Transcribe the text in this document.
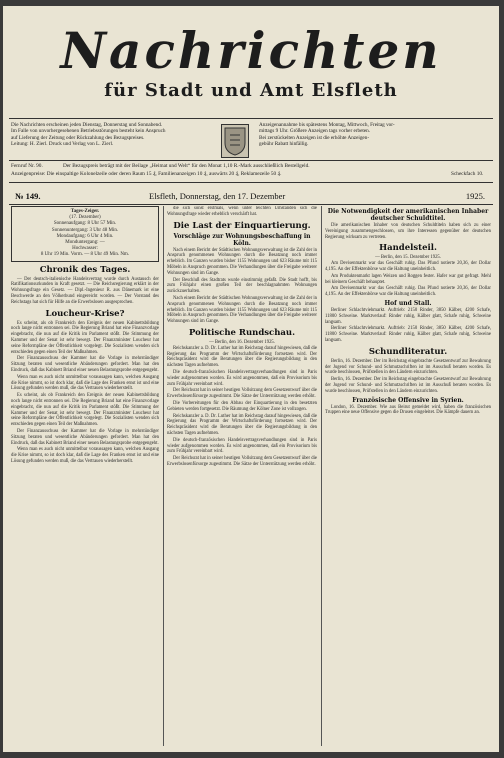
Nachrichten
für Stadt und Amt Elsfleth
Die Nachrichten erscheinen jeden Dienstag, Donnerstag und Sonnabend.
Im Falle von unvorhergesehenen Betriebsstörungen besteht kein Anspruch
auf Lieferung der Zeitung oder Rückzahlung des Bezugspreises.
Leitung: H. Zierl. Druck und Verlag von L. Zierl.
Anzeigenannahme bis spätestens Montag, Mittwoch, Freitag vor-
mittags 9 Uhr. Größere Anzeigen tags vorher erbeten.
Bei zerstückelten Anzeigen ist die erhöhte Anzeigen-
gebühr Rabatt hinfällig.
Fernruf Nr. 90.	Der Bezugspreis beträgt mit der Beilage „Heimat und Welt“ für den Monat 1,10 R.-Mark ausschließlich Bestellgeld.
Anzeigenpreise: Die einspaltige Kolonelzeile oder deren Raum 15 ₰, Familienanzeigen 10 ₰, auswärts 20 ₰, Reklamezeile 50 ₰.	Scheckfach 10.
№ 149.	Elsfleth, Donnerstag, den 17. Dezember	1925.
Tages-Zeiger.
(17. Dezember)
Sonnenaufgang: 8 Uhr 57 Min.
Sonnenuntergang: 3 Uhr 48 Min.
Mondaufgang: 6 Uhr 4 Min.
Monduntergang: —
Hochwasser:
8 Uhr 19 Min. Vorm. — 8 Uhr 49 Min. Nm.
Chronik des Tages.

— Der deutsch-italienische Handelsvertrag wurde durch Austausch der Ratifikationsurkunden in Kraft gesetzt. — Die Reichsregierung erklärt in der Wohnungsfrage ein Gesetz. — Dipl.-Ingenieur R. aus Dänemark ist eine Beschwerde an den Völkerbund eingereicht worden. — Der Vorstand des Reichstags hat sich für Hilfe an die Erwerbslosen ausgesprochen.

Loucheur-Krise?

Es scheint, als ob Frankreich den Ereignis der neuen Kabinettsbildung noch lange nicht entronnen sei. Die Regierung Briand hat eine Finanzvorlage eingebracht, die nun auf die Kritik im Parlament stößt. Die Stimmung der Kammer und der Senat ist sehr bewegt. Der Finanzminister Loucheur hat seine Reformpläne der Öffentlichkeit vorgelegt. Die Sozialisten wenden sich entschieden gegen einen Teil der Maßnahmen.

Der Finanzausschuss der Kammer hat die Vorlage in mehrstündiger Sitzung beraten und wesentliche Abänderungen gefordert. Man hat den Eindruck, daß das Kabinett Briand einer neuen Belastungsprobe entgegengeht.

Wenn man es auch nicht unmittelbar voraussagen kann, welchen Ausgang die Krise nimmt, so ist doch klar, daß die Lage des Franken ernst ist und eine Lösung gefunden werden muß, die das Vertrauen wiederherstellt.

Es scheint, als ob Frankreich den Ereignis der neuen Kabinettsbildung noch lange nicht entronnen sei. Die Regierung Briand hat eine Finanzvorlage eingebracht, die nun auf die Kritik im Parlament stößt. Die Stimmung der Kammer und der Senat ist sehr bewegt. Der Finanzminister Loucheur hat seine Reformpläne der Öffentlichkeit vorgelegt. Die Sozialisten wenden sich entschieden gegen einen Teil der Maßnahmen.

Der Finanzausschuss der Kammer hat die Vorlage in mehrstündiger Sitzung beraten und wesentliche Abänderungen gefordert. Man hat den Eindruck, daß das Kabinett Briand einer neuen Belastungsprobe entgegengeht.

Wenn man es auch nicht unmittelbar voraussagen kann, welchen Ausgang die Krise nimmt, so ist doch klar, daß die Lage des Franken ernst ist und eine Lösung gefunden werden muß, die das Vertrauen wiederherstellt.

die sich sonst erstmals, wenn unter leichten Umständen sich die Wohnungsfrage wieder erheblich verschärft hat.

Die Last der Einquartierung.
Vorschläge zur Wohnungsbeschaffung in Köln.

Nach einem Bericht der Städtischen Wohnungsverwaltung ist die Zahl der in Anspruch genommenen Wohnungen durch die Besatzung noch immer erheblich. Im Ganzen wurden bisher 1155 Wohnungen und 623 Räume mit 115 Möbeln in Anspruch genommen. Die Verhandlungen über die Freigabe weiterer Wohnungen sind im Gange.

Der Beschluß des Stadtrats wurde einstimmig gefaßt. Die Stadt hofft, bis zum Frühjahr einen großen Teil der beschlagnahmten Wohnungen zurückzuerhalten.

Nach einem Bericht der Städtischen Wohnungsverwaltung ist die Zahl der in Anspruch genommenen Wohnungen durch die Besatzung noch immer erheblich. Im Ganzen wurden bisher 1155 Wohnungen und 623 Räume mit 115 Möbeln in Anspruch genommen. Die Verhandlungen über die Freigabe weiterer Wohnungen sind im Gange.

Politische Rundschau.
— Berlin, den 16. Dezember 1925.

Reichskanzler a. D. Dr. Luther hat im Reichstag darauf hingewiesen, daß die Regierung das Programm der Wirtschaftsförderung fortsetzen wird. Der Reichspräsident wird die Beratungen über die Regierungsbildung in den nächsten Tagen aufnehmen.

Die deutsch-französischen Handelsvertragsverhandlungen sind in Paris wieder aufgenommen worden. Es wird angenommen, daß ein Provisorium bis zum Frühjahr vereinbart wird.

Der Reichsrat hat in seiner heutigen Vollsitzung dem Gesetzentwurf über die Erwerbslosenfürsorge zugestimmt. Die Sätze der Unterstützung werden erhöht.

Die Vorbereitungen für den Abbau der Einquartierung in den besetzten Gebieten werden fortgesetzt. Die Räumung der Kölner Zone ist vollzogen.

Reichskanzler a. D. Dr. Luther hat im Reichstag darauf hingewiesen, daß die Regierung das Programm der Wirtschaftsförderung fortsetzen wird. Der Reichspräsident wird die Beratungen über die Regierungsbildung in den nächsten Tagen aufnehmen.

Die deutsch-französischen Handelsvertragsverhandlungen sind in Paris wieder aufgenommen worden. Es wird angenommen, daß ein Provisorium bis zum Frühjahr vereinbart wird.

Der Reichsrat hat in seiner heutigen Vollsitzung dem Gesetzentwurf über die Erwerbslosenfürsorge zugestimmt. Die Sätze der Unterstützung werden erhöht.

Die Notwendigkeit der amerikanischen Inhaber deutscher Schuldtitel.

Die amerikanischen Inhaber von deutschen Schuldtiteln haben sich zu einer Vereinigung zusammengeschlossen, um ihre Interessen gegenüber der deutschen Regierung wirksam zu vertreten.

Handelsteil.
— Berlin, den 15. Dezember 1925.

Am Devisenmarkt war das Geschäft ruhig. Das Pfund notierte 20,36, der Dollar 4,195. An der Effektenbörse war die Haltung uneinheitlich.

Am Produktenmarkt lagen Weizen und Roggen fester. Hafer war gut gefragt. Mehl bei kleinem Geschäft behauptet.

Am Devisenmarkt war das Geschäft ruhig. Das Pfund notierte 20,36, der Dollar 4,195. An der Effektenbörse war die Haltung uneinheitlich.

Hof und Stall.

Berliner Schlachtviehmarkt. Auftrieb: 2150 Rinder, 3850 Kälber, 4200 Schafe, 11800 Schweine. Marktverlauf: Rinder ruhig, Kälber glatt, Schafe ruhig, Schweine langsam.

Berliner Schlachtviehmarkt. Auftrieb: 2150 Rinder, 3850 Kälber, 4200 Schafe, 11800 Schweine. Marktverlauf: Rinder ruhig, Kälber glatt, Schafe ruhig, Schweine langsam.

Schundliteratur.

Berlin, 16. Dezember. Der im Reichstag eingebrachte Gesetzentwurf zur Bewahrung der Jugend vor Schund- und Schmutzschriften ist im Ausschuß beraten worden. Es wurde beschlossen, Prüfstellen in den Ländern einzurichten.

Berlin, 16. Dezember. Der im Reichstag eingebrachte Gesetzentwurf zur Bewahrung der Jugend vor Schund- und Schmutzschriften ist im Ausschuß beraten worden. Es wurde beschlossen, Prüfstellen in den Ländern einzurichten.

Französische Offensive in Syrien.

London, 16. Dezember. Wie aus Beirut gemeldet wird, haben die französischen Truppen eine neue Offensive gegen die Drusen eingeleitet. Die Kämpfe dauern an.
